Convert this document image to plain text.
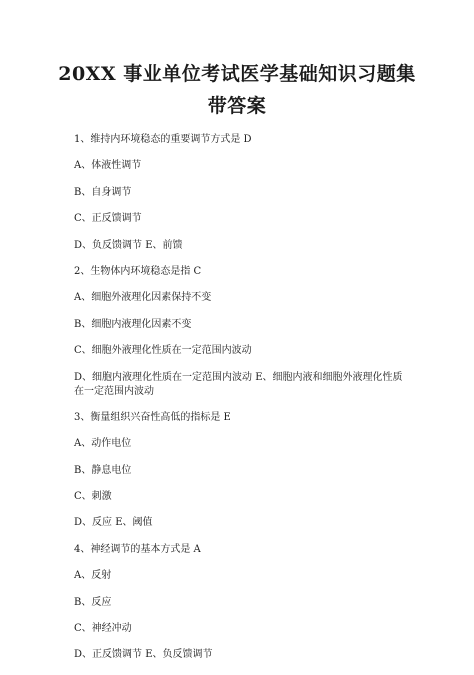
20XX 事业单位考试医学基础知识习题集
带答案
1、维持内环境稳态的重要调节方式是 D
A、体液性调节
B、自身调节
C、正反馈调节
D、负反馈调节 E、前馈
2、生物体内环境稳态是指 C
A、细胞外液理化因素保持不变
B、细胞内液理化因素不变
C、细胞外液理化性质在一定范围内波动
D、细胞内液理化性质在一定范围内波动 E、细胞内液和细胞外液理化性质在一定范围内波动
3、衡量组织兴奋性高低的指标是 E
A、动作电位
B、静息电位
C、刺激
D、反应 E、阈值
4、神经调节的基本方式是 A
A、反射
B、反应
C、神经冲动
D、正反馈调节 E、负反馈调节
